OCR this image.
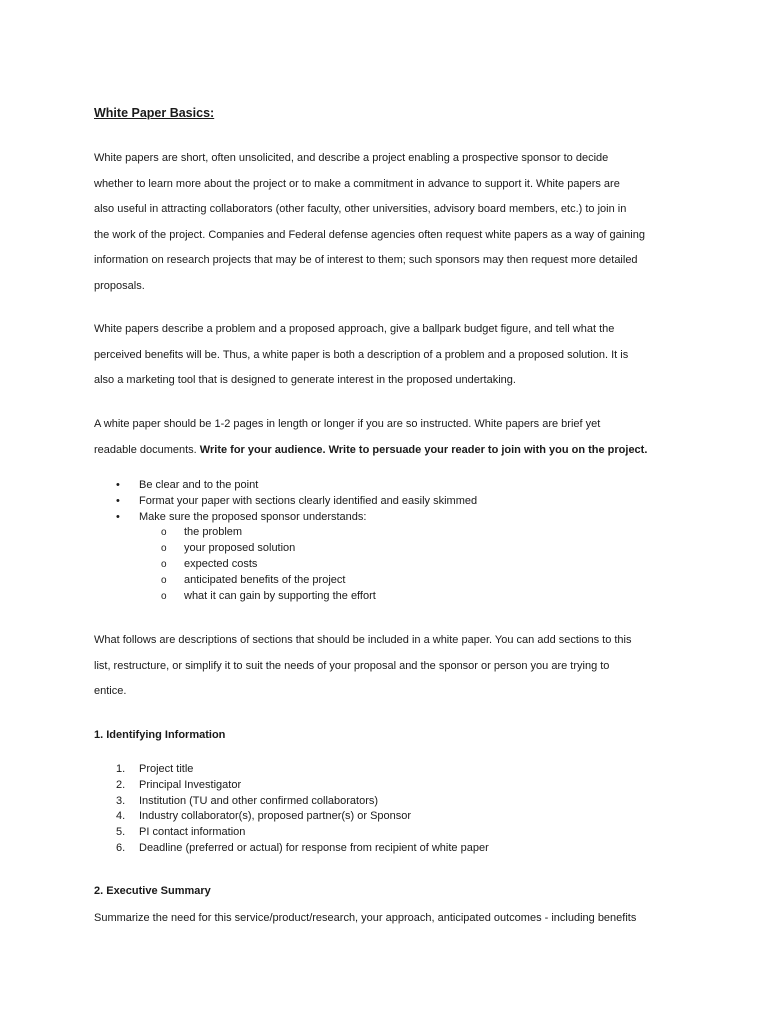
White Paper Basics:

White papers are short, often unsolicited, and describe a project enabling a prospective sponsor to decide
whether to learn more about the project or to make a commitment in advance to support it. White papers are
also useful in attracting collaborators (other faculty, other universities, advisory board members, etc.) to join in
the work of the project. Companies and Federal defense agencies often request white papers as a way of gaining
information on research projects that may be of interest to them; such sponsors may then request more detailed
proposals.

White papers describe a problem and a proposed approach, give a ballpark budget figure, and tell what the
perceived benefits will be. Thus, a white paper is both a description of a problem and a proposed solution. It is
also a marketing tool that is designed to generate interest in the proposed undertaking.

A white paper should be 1-2 pages in length or longer if you are so instructed. White papers are brief yet
readable documents. Write for your audience. Write to persuade your reader to join with you on the project.

• Be clear and to the point
• Format your paper with sections clearly identified and easily skimmed
• Make sure the proposed sponsor understands:
o the problem
o your proposed solution
o expected costs
o anticipated benefits of the project
o what it can gain by supporting the effort

What follows are descriptions of sections that should be included in a white paper. You can add sections to this
list, restructure, or simplify it to suit the needs of your proposal and the sponsor or person you are trying to
entice.

1. Identifying Information
1. Project title
2. Principal Investigator
3. Institution (TU and other confirmed collaborators)
4. Industry collaborator(s), proposed partner(s) or Sponsor
5. PI contact information
6. Deadline (preferred or actual) for response from recipient of white paper
2. Executive Summary

Summarize the need for this service/product/research, your approach, anticipated outcomes - including benefits
